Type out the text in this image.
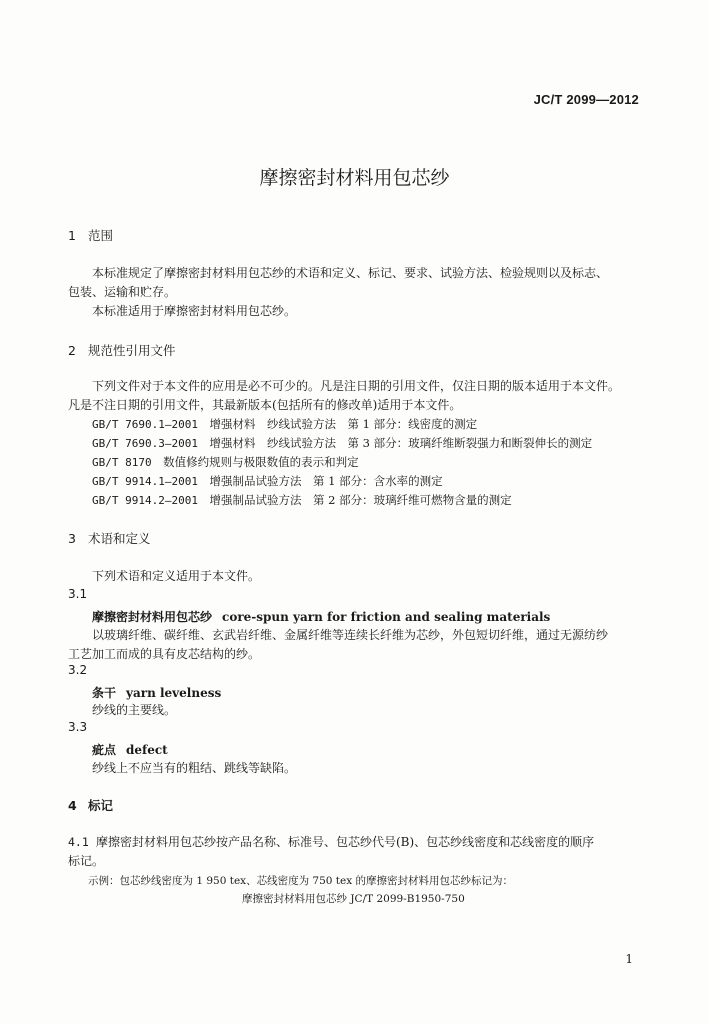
JC/T 2099—2012
摩擦密封材料用包芯纱
1 范围
本标准规定了摩擦密封材料用包芯纱的术语和定义、标记、要求、试验方法、检验规则以及标志、
包装、运输和贮存。
本标准适用于摩擦密封材料用包芯纱。
2 规范性引用文件
下列文件对于本文件的应用是必不可少的。凡是注日期的引用文件，仅注日期的版本适用于本文件。
凡是不注日期的引用文件，其最新版本(包括所有的修改单)适用于本文件。
GB/T 7690.1—2001　 增强材料　纱线试验方法　第 1 部分：线密度的测定
GB/T 7690.3—2001　 增强材料　纱线试验方法　第 3 部分：玻璃纤维断裂强力和断裂伸长的测定
GB/T 8170　 数值修约规则与极限数值的表示和判定
GB/T 9914.1—2001　 增强制品试验方法　第 1 部分：含水率的测定
GB/T 9914.2—2001　 增强制品试验方法　第 2 部分：玻璃纤维可燃物含量的测定
3 术语和定义
下列术语和定义适用于本文件。
3.1
摩擦密封材料用包芯纱 core-spun yarn for friction and sealing materials
以玻璃纤维、碳纤维、玄武岩纤维、金属纤维等连续长纤维为芯纱，外包短切纤维，通过无源纺纱
工艺加工而成的具有皮芯结构的纱。
3.2
条干 yarn levelness
纱线的主要线。
3.3
疵点 defect
纱线上不应当有的粗结、跳线等缺陷。
4 标记
4.1 摩擦密封材料用包芯纱按产品名称、标准号、包芯纱代号(B)、包芯纱线密度和芯线密度的顺序
标记。
示例：包芯纱线密度为 1 950 tex、芯线密度为 750 tex 的摩擦密封材料用包芯纱标记为：
摩擦密封材料用包芯纱 JC/T 2099-B1950-750
1
